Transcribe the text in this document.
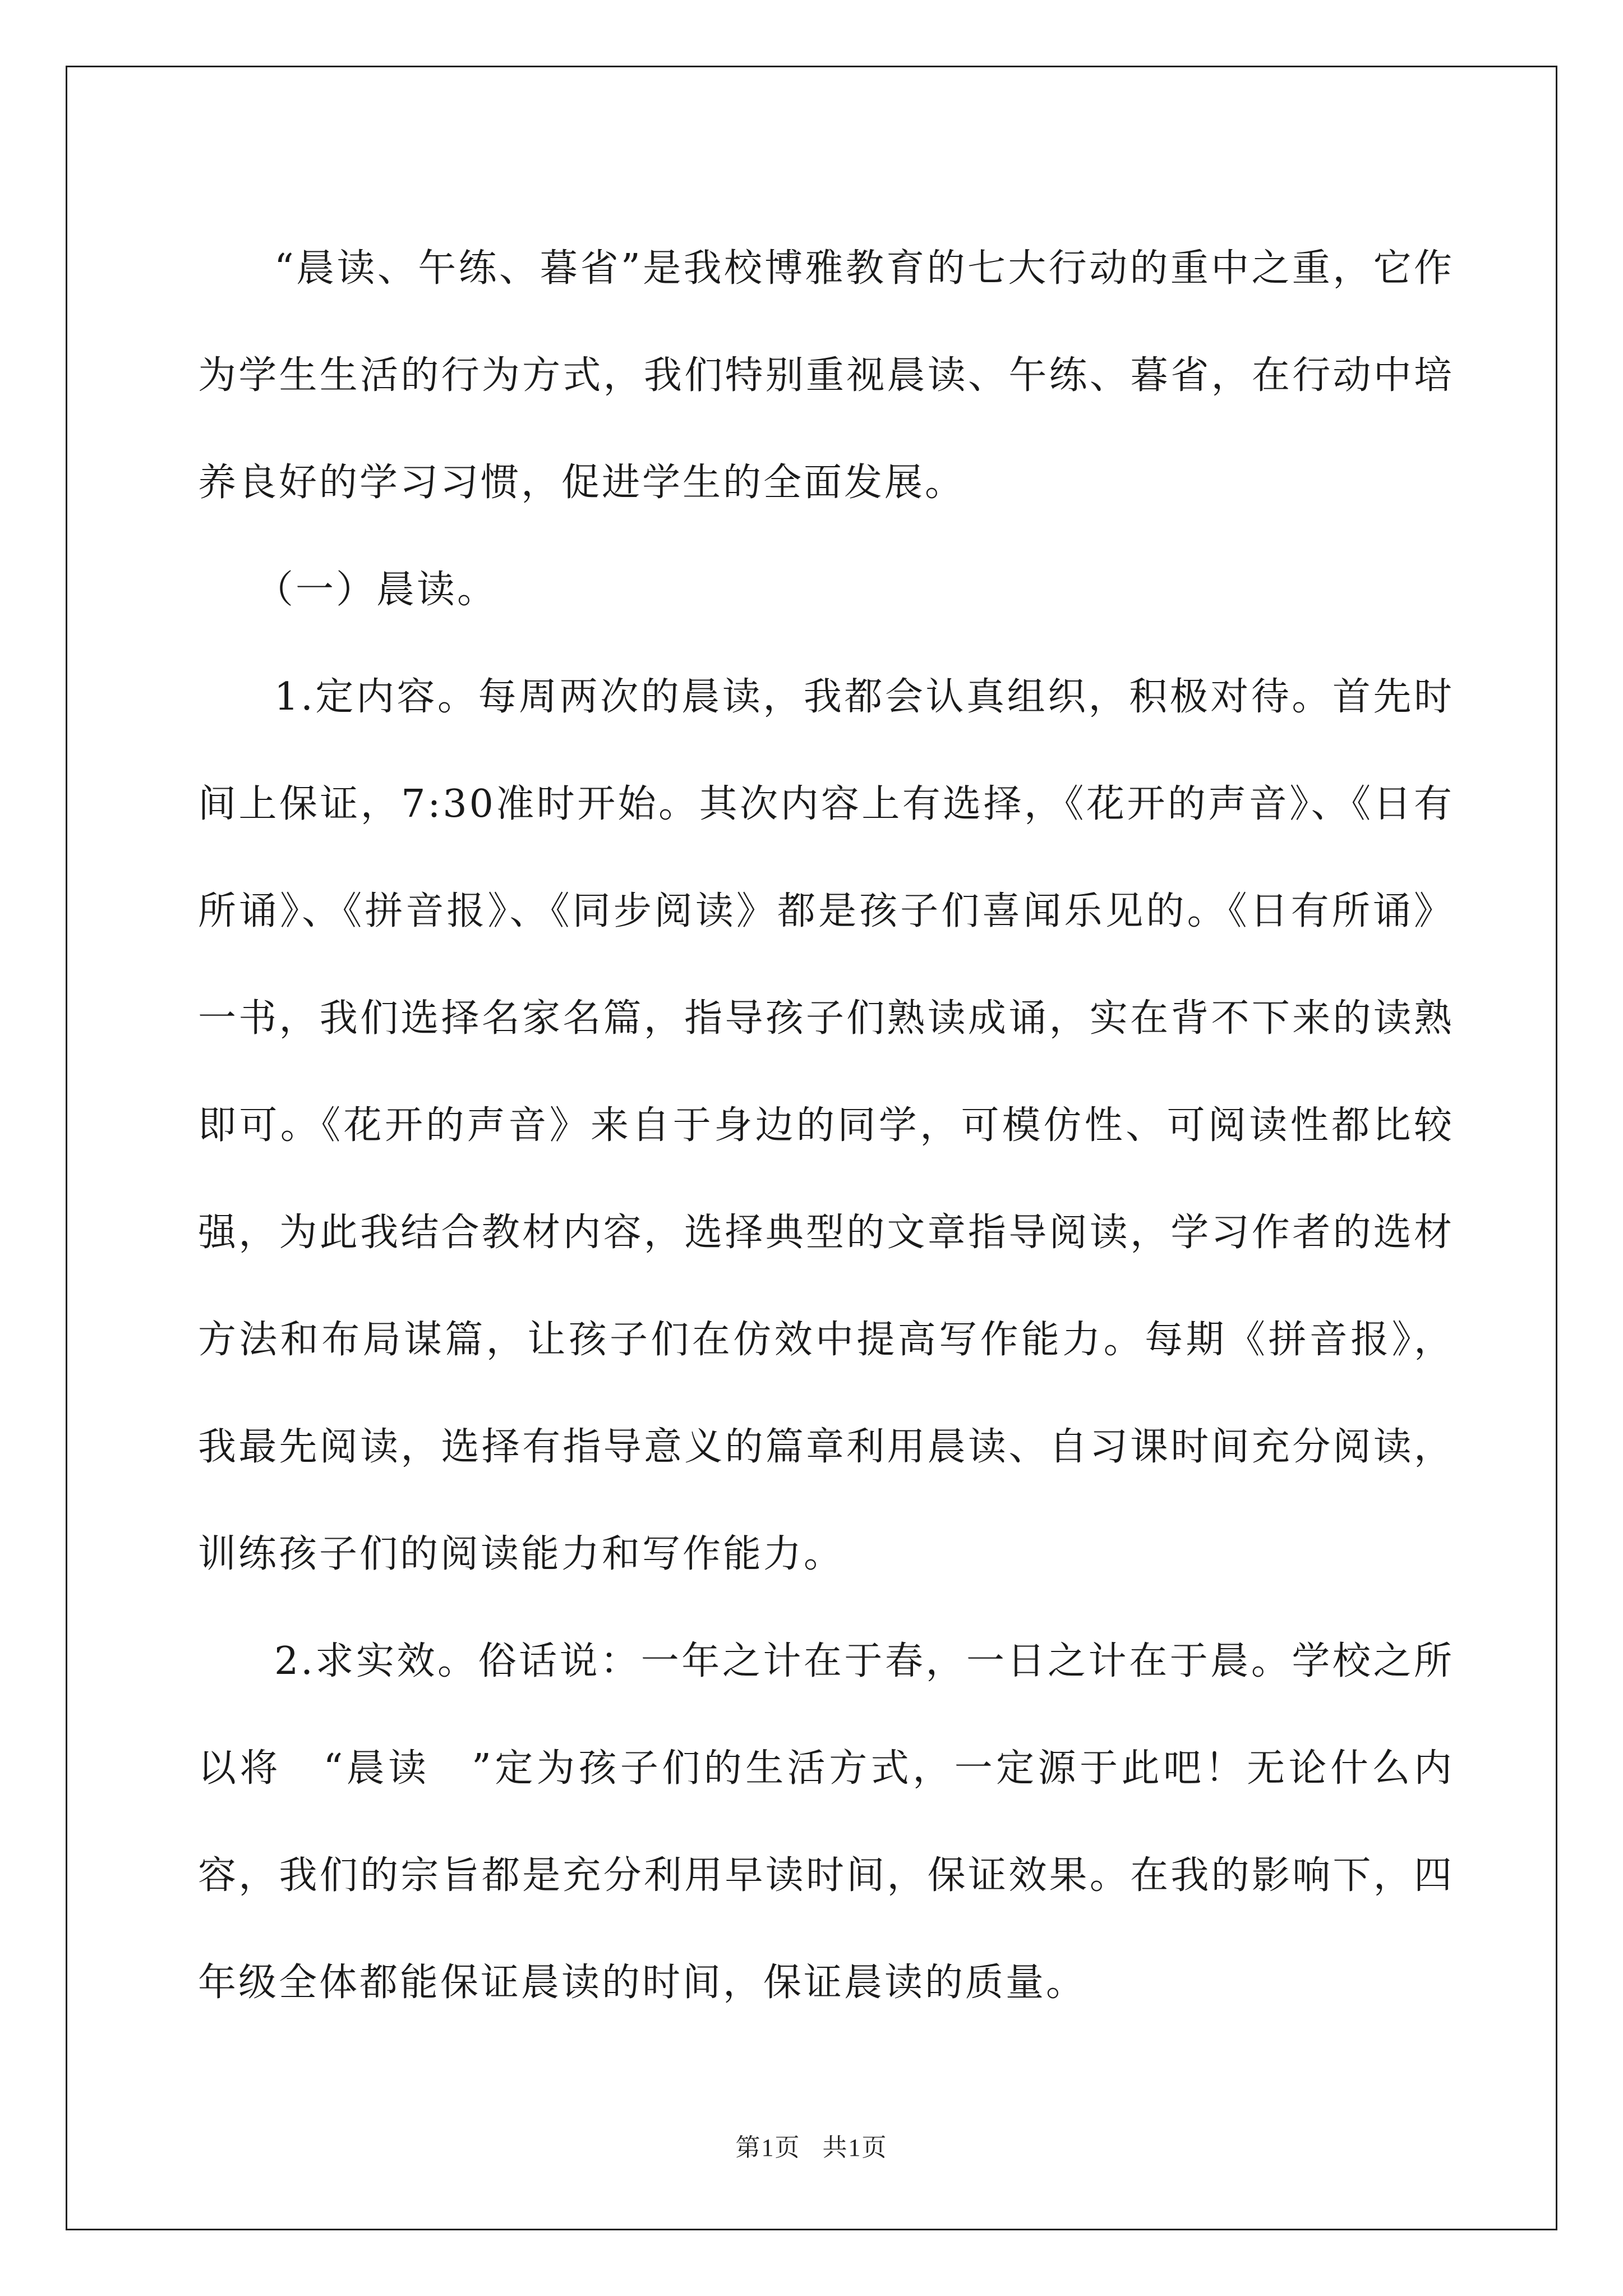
“晨读、午练、暮省”是我校博雅教育的七大行动的重中之重，它作为学生生活的行为方式，我们特别重视晨读、午练、暮省，在行动中培养良好的学习习惯，促进学生的全面发展。

（一）晨读。

1.定内容。每周两次的晨读，我都会认真组织，积极对待。首先时间上保证，7:30准时开始。其次内容上有选择，《花开的声音》、《日有所诵》、《拼音报》、《同步阅读》都是孩子们喜闻乐见的。《日有所诵》一书，我们选择名家名篇，指导孩子们熟读成诵，实在背不下来的读熟即可。《花开的声音》来自于身边的同学，可模仿性、可阅读性都比较强，为此我结合教材内容，选择典型的文章指导阅读，学习作者的选材方法和布局谋篇，让孩子们在仿效中提高写作能力。每期《拼音报》，我最先阅读，选择有指导意义的篇章利用晨读、自习课时间充分阅读，训练孩子们的阅读能力和写作能力。

2.求实效。俗话说：一年之计在于春，一日之计在于晨。学校之所以将　“晨读　”定为孩子们的生活方式，一定源于此吧！无论什么内容，我们的宗旨都是充分利用早读时间，保证效果。在我的影响下，四年级全体都能保证晨读的时间，保证晨读的质量。

第1页 共1页
